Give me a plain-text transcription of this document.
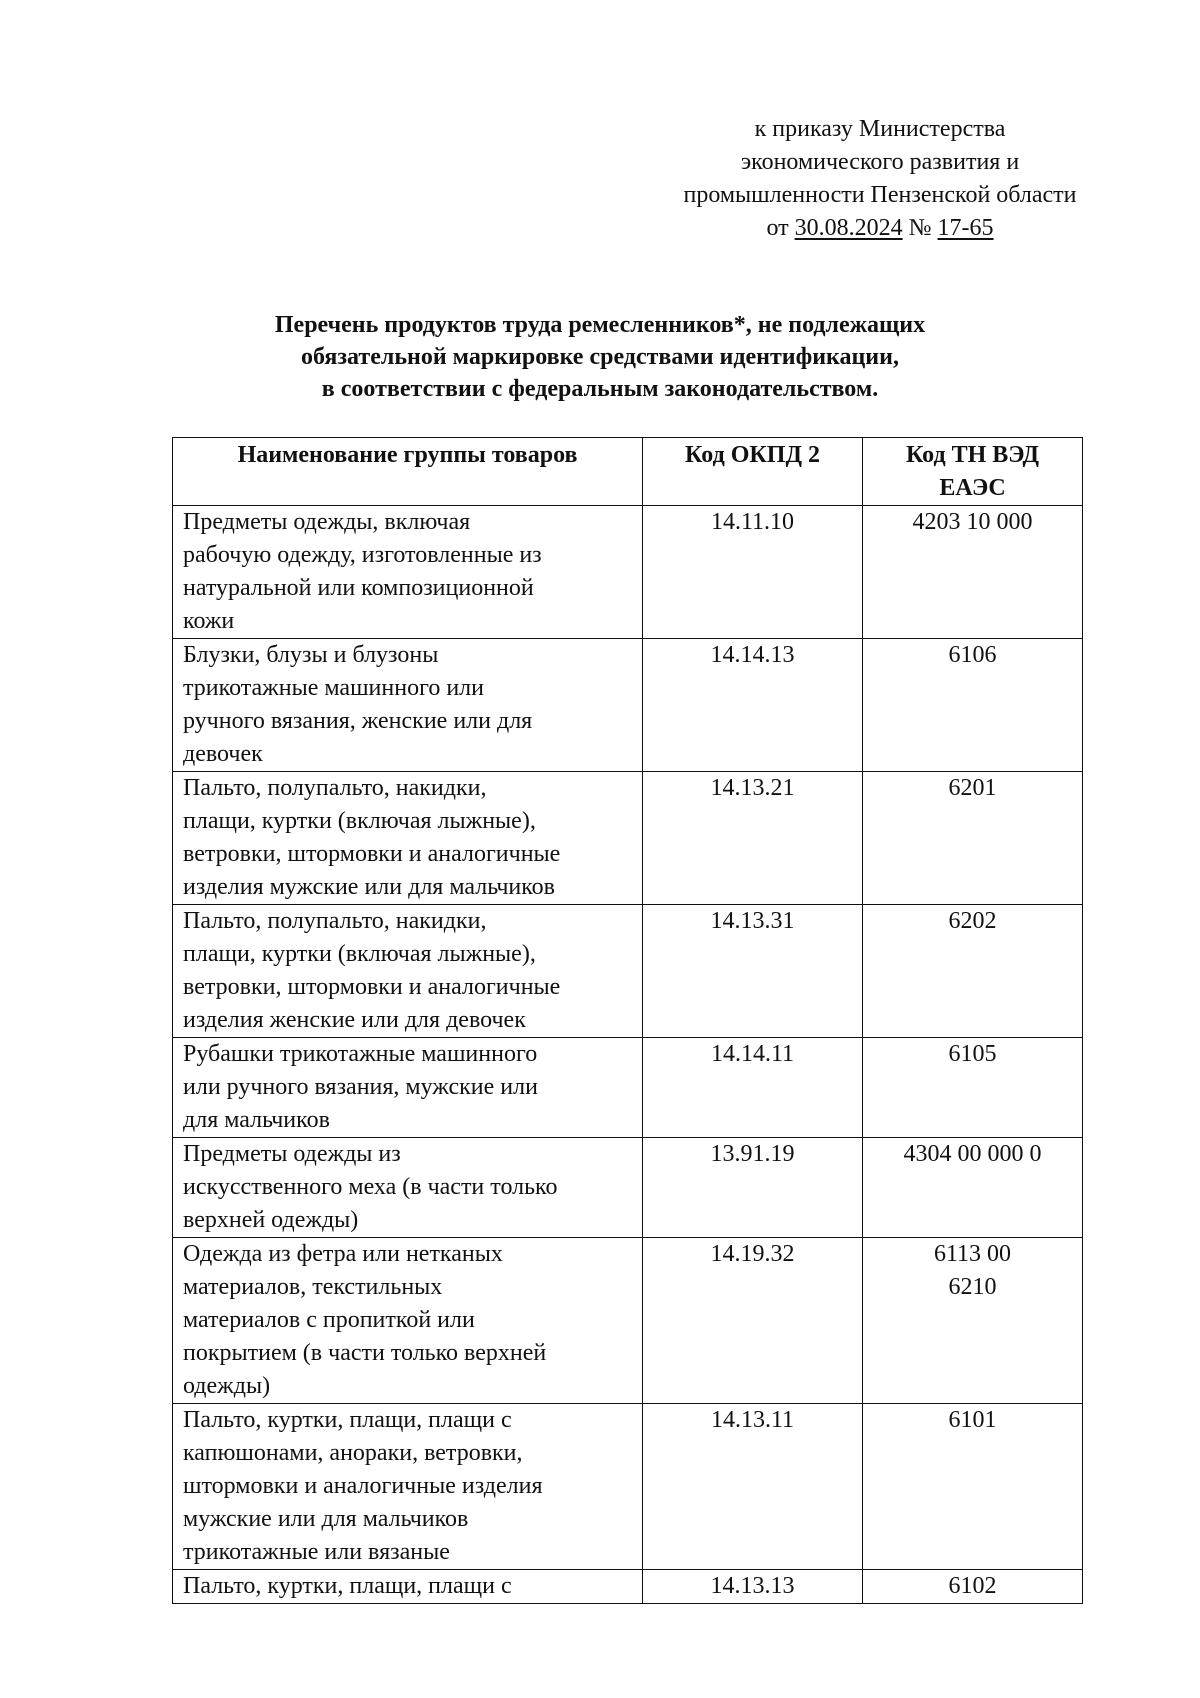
к приказу Министерства
экономического развития и
промышленности Пензенской области
от 30.08.2024 № 17-65
Перечень продуктов труда ремесленников*, не подлежащих
обязательной маркировке средствами идентификации,
в соответствии с федеральным законодательством.
Наименование группы товаров	Код ОКПД 2	Код ТН ВЭД
ЕАЭС

Предметы одежды, включая
рабочую одежду, изготовленные из
натуральной или композиционной
кожи	14.11.10	4203 10 000

Блузки, блузы и блузоны
трикотажные машинного или
ручного вязания, женские или для
девочек	14.14.13	6106

Пальто, полупальто, накидки,
плащи, куртки (включая лыжные),
ветровки, штормовки и аналогичные
изделия мужские или для мальчиков	14.13.21	6201

Пальто, полупальто, накидки,
плащи, куртки (включая лыжные),
ветровки, штормовки и аналогичные
изделия женские или для девочек	14.13.31	6202

Рубашки трикотажные машинного
или ручного вязания, мужские или
для мальчиков	14.14.11	6105

Предметы одежды из
искусственного меха (в части только
верхней одежды)	13.91.19	4304 00 000 0

Одежда из фетра или нетканых
материалов, текстильных
материалов с пропиткой или
покрытием (в части только верхней
одежды)	14.19.32	6113 00
6210

Пальто, куртки, плащи, плащи с
капюшонами, анораки, ветровки,
штормовки и аналогичные изделия
мужские или для мальчиков
трикотажные или вязаные	14.13.11	6101

Пальто, куртки, плащи, плащи с	14.13.13	6102
